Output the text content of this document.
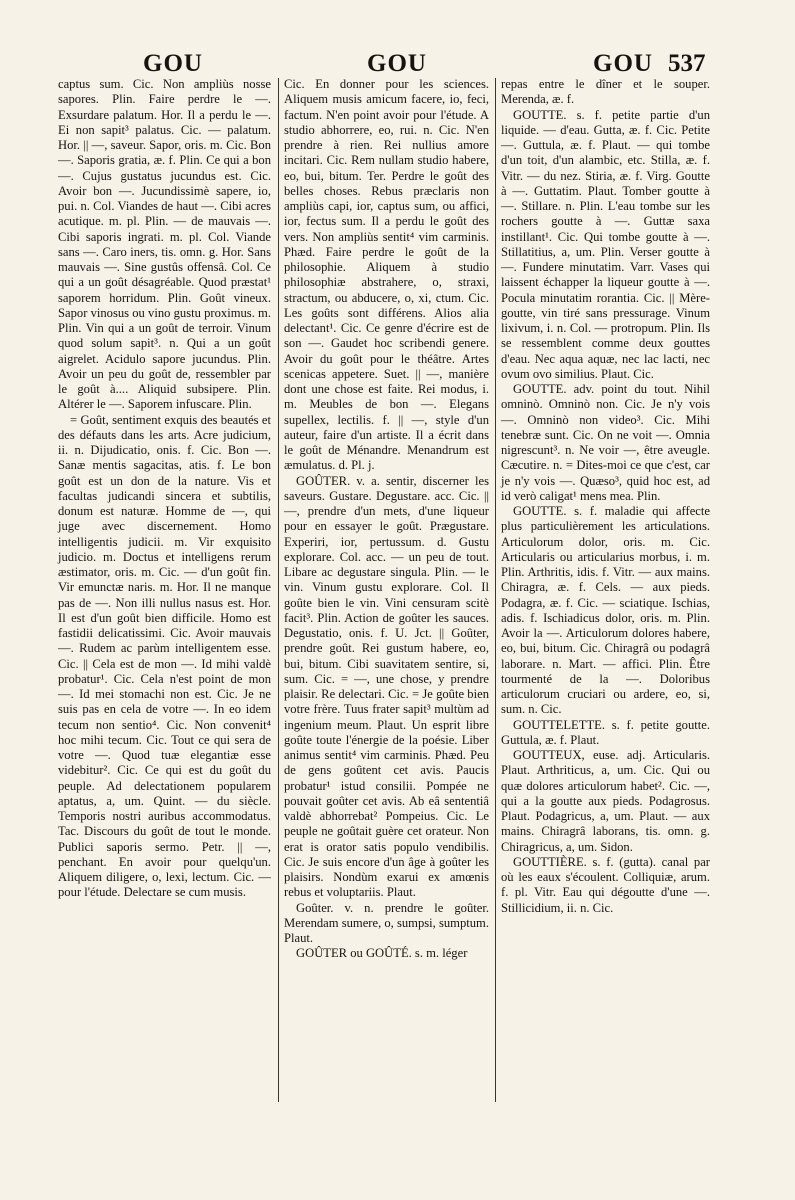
GOU	GOU	GOU 537

captus sum. Cic. Non ampliùs nosse sapores. Plin. Faire perdre le —. Exsurdare palatum. Hor. Il a perdu le —. Ei non sapit³ palatus. Cic. — palatum. Hor. || —, saveur. Sapor, oris. m. Cic. Bon —. Saporis gratia, æ. f. Plin. Ce qui a bon —. Cujus gustatus jucundus est. Cic. Avoir bon —. Jucundissimè sapere, io, pui. n. Col. Viandes de haut —. Cibi acres acutique. m. pl. Plin. — de mauvais —. Cibi saporis ingrati. m. pl. Col. Viande sans —. Caro iners, tis. omn. g. Hor. Sans mauvais —. Sine gustûs offensâ. Col. Ce qui a un goût désagréable. Quod præstat¹ saporem horridum. Plin. Goût vineux. Sapor vinosus ou vino gustu proximus. m. Plin. Vin qui a un goût de terroir. Vinum quod solum sapit³. n. Qui a un goût aigrelet. Acidulo sapore jucundus. Plin. Avoir un peu du goût de, ressembler par le goût à.... Aliquid subsipere. Plin. Altérer le —. Saporem infuscare. Plin.

= Goût, sentiment exquis des beautés et des défauts dans les arts. Acre judicium, ii. n. Dijudicatio, onis. f. Cic. Bon —. Sanæ mentis sagacitas, atis. f. Le bon goût est un don de la nature. Vis et facultas judicandi sincera et subtilis, donum est naturæ. Homme de —, qui juge avec discernement. Homo intelligentis judicii. m. Vir exquisito judicio. m. Doctus et intelligens rerum æstimator, oris. m. Cic. — d'un goût fin. Vir emunctæ naris. m. Hor. Il ne manque pas de —. Non illi nullus nasus est. Hor. Il est d'un goût bien difficile. Homo est fastidii delicatissimi. Cic. Avoir mauvais —. Rudem ac parùm intelligentem esse. Cic. || Cela est de mon —. Id mihi valdè probatur¹. Cic. Cela n'est point de mon —. Id mei stomachi non est. Cic. Je ne suis pas en cela de votre —. In eo idem tecum non sentio⁴. Cic. Non convenit⁴ hoc mihi tecum. Cic. Tout ce qui sera de votre —. Quod tuæ elegantiæ esse videbitur². Cic. Ce qui est du goût du peuple. Ad delectationem popularem aptatus, a, um. Quint. — du siècle. Temporis nostri auribus accommodatus. Tac. Discours du goût de tout le monde. Publici saporis sermo. Petr. || —, penchant. En avoir pour quelqu'un. Aliquem diligere, o, lexi, lectum. Cic. — pour l'étude. Delectare se cum musis.

Cic. En donner pour les sciences. Aliquem musis amicum facere, io, feci, factum. N'en point avoir pour l'étude. A studio abhorrere, eo, rui. n. Cic. N'en prendre à rien. Rei nullius amore incitari. Cic. Rem nullam studio habere, eo, bui, bitum. Ter. Perdre le goût des belles choses. Rebus præclaris non ampliùs capi, ior, captus sum, ou affici, ior, fectus sum. Il a perdu le goût des vers. Non ampliùs sentit⁴ vim carminis. Phæd. Faire perdre le goût de la philosophie. Aliquem à studio philosophiæ abstrahere, o, straxi, stractum, ou abducere, o, xi, ctum. Cic. Les goûts sont différens. Alios alia delectant¹. Cic. Ce genre d'écrire est de son —. Gaudet hoc scribendi genere. Avoir du goût pour le théâtre. Artes scenicas appetere. Suet. || —, manière dont une chose est faite. Rei modus, i. m. Meubles de bon —. Elegans supellex, lectilis. f. || —, style d'un auteur, faire d'un artiste. Il a écrit dans le goût de Ménandre. Menandrum est æmulatus. d. Pl. j.

GOÛTER. v. a. sentir, discerner les saveurs. Gustare. Degustare. acc. Cic. || —, prendre d'un mets, d'une liqueur pour en essayer le goût. Prægustare. Experiri, ior, pertussum. d. Gustu explorare. Col. acc. — un peu de tout. Libare ac degustare singula. Plin. — le vin. Vinum gustu explorare. Col. Il goûte bien le vin. Vini censuram scitè facit³. Plin. Action de goûter les sauces. Degustatio, onis. f. U. Jct. || Goûter, prendre goût. Rei gustum habere, eo, bui, bitum. Cibi suavitatem sentire, si, sum. Cic. = —, une chose, y prendre plaisir. Re delectari. Cic. = Je goûte bien votre frère. Tuus frater sapit³ multùm ad ingenium meum. Plaut. Un esprit libre goûte toute l'énergie de la poésie. Liber animus sentit⁴ vim carminis. Phæd. Peu de gens goûtent cet avis. Paucis probatur¹ istud consilii. Pompée ne pouvait goûter cet avis. Ab eâ sententiâ valdè abhorrebat² Pompeius. Cic. Le peuple ne goûtait guère cet orateur. Non erat is orator satis populo vendibilis. Cic. Je suis encore d'un âge à goûter les plaisirs. Nondùm exarui ex amœnis rebus et voluptariis. Plaut.

Goûter. v. n. prendre le goûter. Merendam sumere, o, sumpsi, sumptum. Plaut.

GOÛTER ou GOÛTÉ. s. m. léger

repas entre le dîner et le souper. Merenda, æ. f.

GOUTTE. s. f. petite partie d'un liquide. — d'eau. Gutta, æ. f. Cic. Petite —. Guttula, æ. f. Plaut. — qui tombe d'un toit, d'un alambic, etc. Stilla, æ. f. Vitr. — du nez. Stiria, æ. f. Virg. Goutte à —. Guttatim. Plaut. Tomber goutte à —. Stillare. n. Plin. L'eau tombe sur les rochers goutte à —. Guttæ saxa instillant¹. Cic. Qui tombe goutte à —. Stillatitius, a, um. Plin. Verser goutte à —. Fundere minutatim. Varr. Vases qui laissent échapper la liqueur goutte à —. Pocula minutatim rorantia. Cic. || Mère-goutte, vin tiré sans pressurage. Vinum lixivum, i. n. Col. — protropum. Plin. Ils se ressemblent comme deux gouttes d'eau. Nec aqua aquæ, nec lac lacti, nec ovum ovo similius. Plaut. Cic.

GOUTTE. adv. point du tout. Nihil omninò. Omninò non. Cic. Je n'y vois —. Omninò non video³. Cic. Mihi tenebræ sunt. Cic. On ne voit —. Omnia nigrescunt³. n. Ne voir —, être aveugle. Cæcutire. n. = Dites-moi ce que c'est, car je n'y vois —. Quæso³, quid hoc est, ad id verò caligat¹ mens mea. Plin.

GOUTTE. s. f. maladie qui affecte plus particulièrement les articulations. Articulorum dolor, oris. m. Cic. Articularis ou articularius morbus, i. m. Plin. Arthritis, idis. f. Vitr. — aux mains. Chiragra, æ. f. Cels. — aux pieds. Podagra, æ. f. Cic. — sciatique. Ischias, adis. f. Ischiadicus dolor, oris. m. Plin. Avoir la —. Articulorum dolores habere, eo, bui, bitum. Cic. Chiragrâ ou podagrâ laborare. n. Mart. — affici. Plin. Être tourmenté de la —. Doloribus articulorum cruciari ou ardere, eo, si, sum. n. Cic.

GOUTTELETTE. s. f. petite goutte. Guttula, æ. f. Plaut.

GOUTTEUX, euse. adj. Articularis. Plaut. Arthriticus, a, um. Cic. Qui ou quæ dolores articulorum habet². Cic. —, qui a la goutte aux pieds. Podagrosus. Plaut. Podagricus, a, um. Plaut. — aux mains. Chiragrâ laborans, tis. omn. g. Chiragricus, a, um. Sidon.

GOUTTIÈRE. s. f. (gutta). canal par où les eaux s'écoulent. Colliquiæ, arum. f. pl. Vitr. Eau qui dégoutte d'une —. Stillicidium, ii. n. Cic.
